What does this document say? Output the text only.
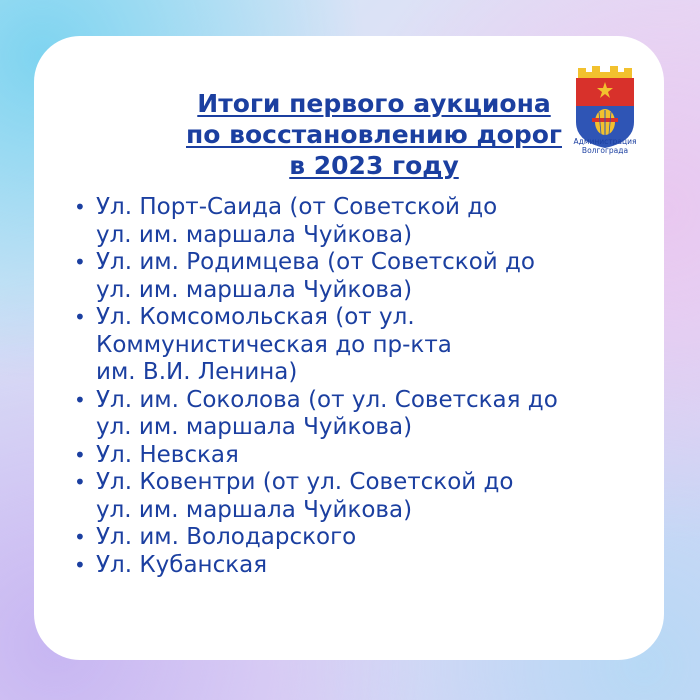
Итоги первого аукциона
по восстановлению дорог
в 2023 году
Администрация
Волгограда
• Ул. Порт-Саида (от Советской до
ул. им. маршала Чуйкова)
• Ул. им. Родимцева (от Советской до
ул. им. маршала Чуйкова)
• Ул. Комсомольская (от ул.
Коммунистическая до пр-кта
им. В.И. Ленина)
• Ул. им. Соколова (от ул. Советская до
ул. им. маршала Чуйкова)
• Ул. Невская
• Ул. Ковентри (от ул. Советской до
ул. им. маршала Чуйкова)
• Ул. им. Володарского
• Ул. Кубанская
